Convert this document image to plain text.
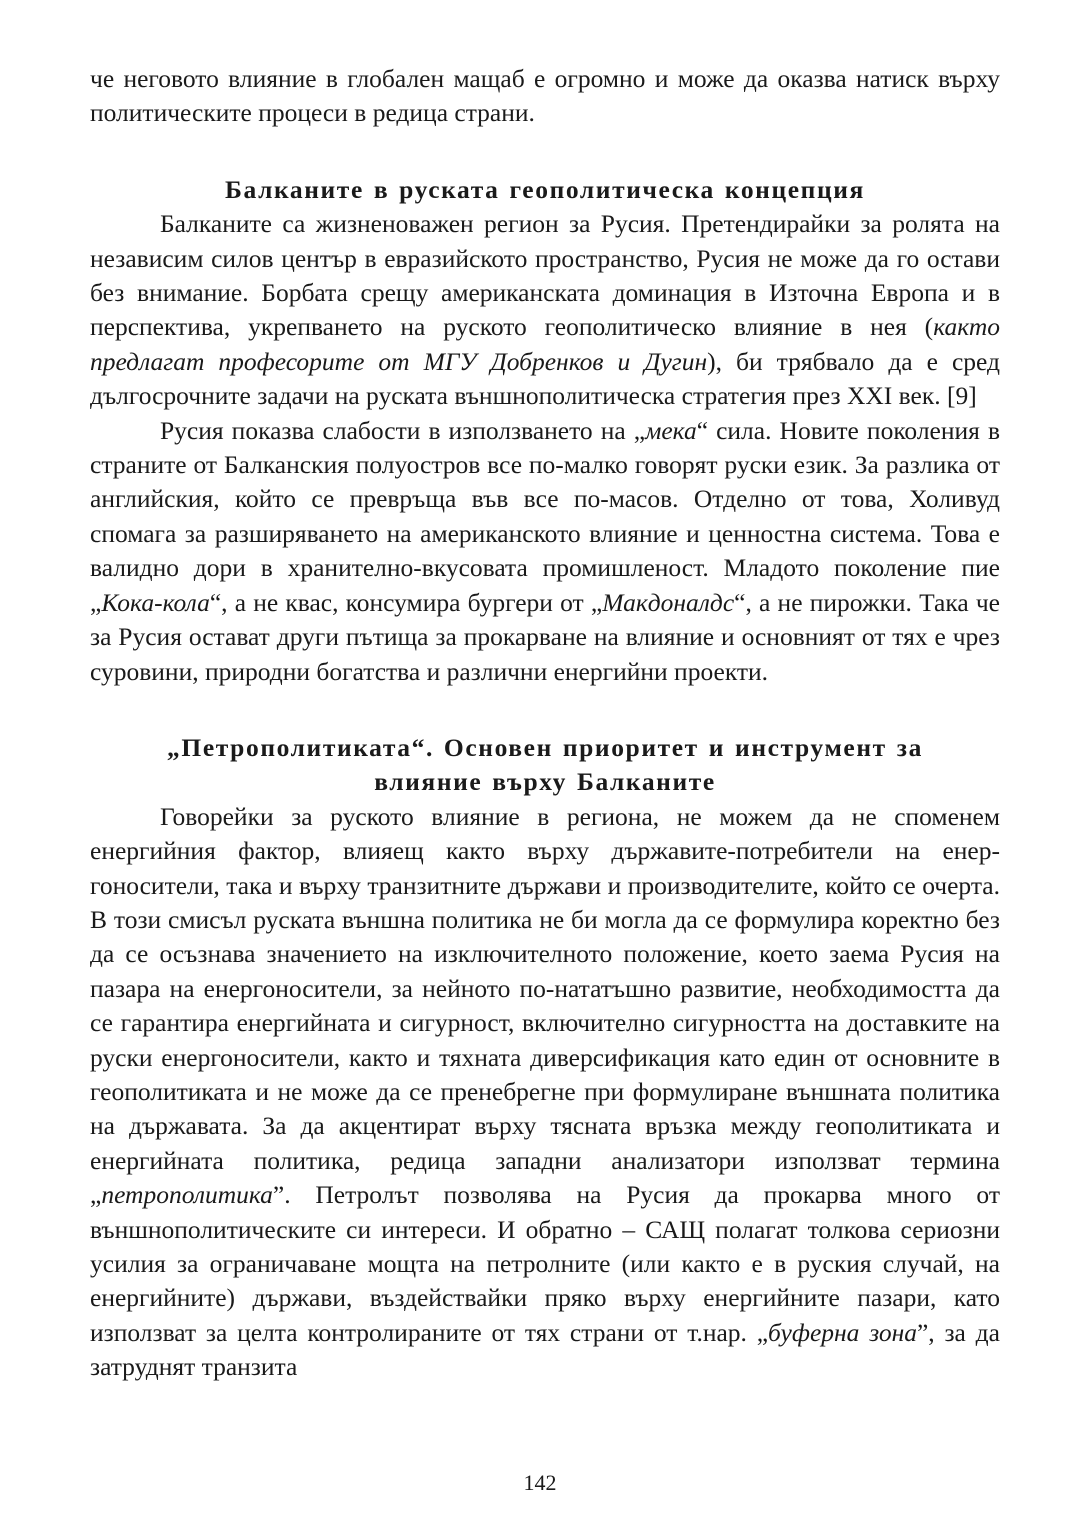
че неговото влияние в глобален мащаб е огромно и може да оказва натиск върху политическите процеси в редица страни.

Балканите в руската геополитическа концепция

Балканите са жизненоважен регион за Русия. Претендирайки за ролята на независим силов център в евразийското пространство, Русия не може да го остави без внимание. Борбата срещу американската доминация в Източна Европа и в перспектива, укрепването на руското геополитическо влияние в нея (както предлагат професорите от МГУ Добренков и Дугин), би трябвало да е сред дългосрочните задачи на руската външнополитическа стратегия през XXI век. [9]

Русия показва слабости в използването на „мека“ сила. Новите поколения в страните от Балканския полуостров все по-малко говорят руски език. За разлика от английския, който се превръща във все по-масов. Отделно от това, Холивуд спомага за разширяването на американското влияние и ценностна система. Това е валидно дори в хранително-вкусовата промишленост. Младото поколение пие „Кока-кола“, а не квас, консумира бургери от „Макдоналдс“, а не пирожки. Така че за Русия остават други пътища за прокарване на влияние и основният от тях е чрез суровини, природни богатства и различни енергийни проекти.

„Петрополитиката“. Основен приоритет и инструмент за
влияние върху Балканите

Говорейки за руското влияние в региона, не можем да не споменем енергийния фактор, влияещ както върху държавите-потребители на енергоносители, така и върху транзитните държави и производителите, който се очерта. В този смисъл руската външна политика не би могла да се формулира коректно без да се осъзнава значението на изключителното положение, което заема Русия на пазара на енергоносители, за нейното по-нататъшно развитие, необходимостта да се гарантира енергийната и сигурност, включително сигурността на доставките на руски енергоносители, както и тяхната диверсификация като един от основните в геополитиката и не може да се пренебрегне при формулиране външната политика на държавата. За да акцентират върху тясната връзка между геополитиката и енергийната политика, редица западни анализатори използват термина „петрополитика”. Петролът позволява на Русия да прокарва много от външнополитическите си интереси. И обратно – САЩ полагат толкова сериозни усилия за ограничаване мощта на петролните (или както е в руския случай, на енергийните) държави, въздействайки пряко върху енергийните пазари, като използват за целта контролираните от тях страни от т.нар. „буферна зона”, за да затруднят транзита

142
